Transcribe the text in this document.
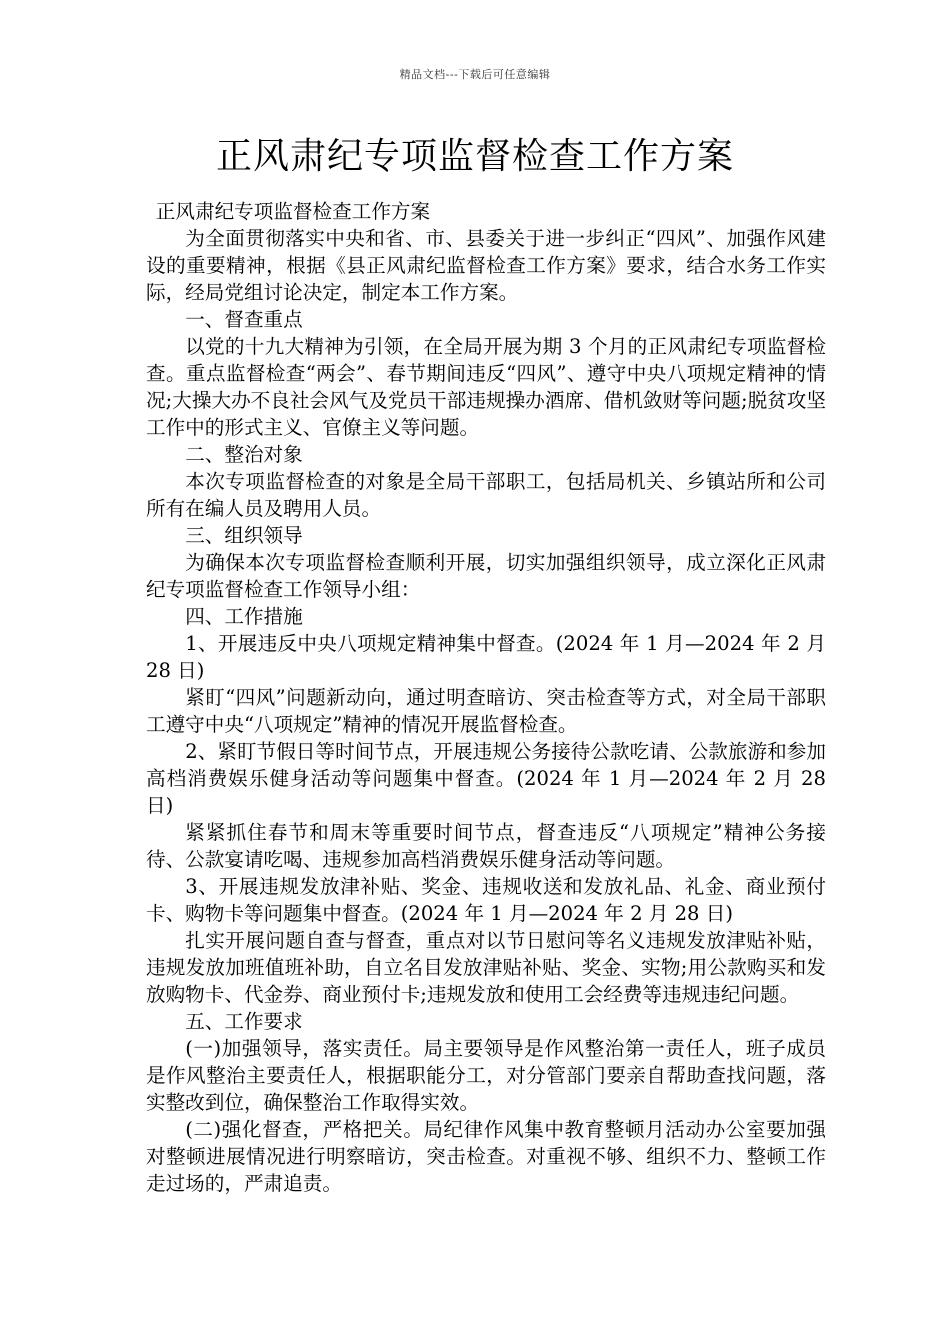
精品文档---下载后可任意编辑
正风肃纪专项监督检查工作方案

正风肃纪专项监督检查工作方案

为全面贯彻落实中央和省、市、县委关于进一步纠正“四风”、加强作风建设的重要精神，根据《县正风肃纪监督检查工作方案》要求，结合水务工作实际，经局党组讨论决定，制定本工作方案。

一、督查重点

以党的十九大精神为引领，在全局开展为期 3 个月的正风肃纪专项监督检查。重点监督检查“两会”、春节期间违反“四风”、遵守中央八项规定精神的情况;大操大办不良社会风气及党员干部违规操办酒席、借机敛财等问题;脱贫攻坚工作中的形式主义、官僚主义等问题。

二、整治对象

本次专项监督检查的对象是全局干部职工，包括局机关、乡镇站所和公司所有在编人员及聘用人员。

三、组织领导

为确保本次专项监督检查顺利开展，切实加强组织领导，成立深化正风肃纪专项监督检查工作领导小组：

四、工作措施

1、开展违反中央八项规定精神集中督查。(2024 年 1 月—2024 年 2 月 28 日)

紧盯“四风”问题新动向，通过明查暗访、突击检查等方式，对全局干部职工遵守中央“八项规定”精神的情况开展监督检查。

2、紧盯节假日等时间节点，开展违规公务接待公款吃请、公款旅游和参加高档消费娱乐健身活动等问题集中督查。(2024 年 1 月—2024 年 2 月 28 日)

紧紧抓住春节和周末等重要时间节点，督查违反“八项规定”精神公务接待、公款宴请吃喝、违规参加高档消费娱乐健身活动等问题。

3、开展违规发放津补贴、奖金、违规收送和发放礼品、礼金、商业预付卡、购物卡等问题集中督查。(2024 年 1 月—2024 年 2 月 28 日)

扎实开展问题自查与督查，重点对以节日慰问等名义违规发放津贴补贴，违规发放加班值班补助，自立名目发放津贴补贴、奖金、实物;用公款购买和发放购物卡、代金券、商业预付卡;违规发放和使用工会经费等违规违纪问题。

五、工作要求

(一)加强领导，落实责任。局主要领导是作风整治第一责任人，班子成员是作风整治主要责任人，根据职能分工，对分管部门要亲自帮助查找问题，落实整改到位，确保整治工作取得实效。

(二)强化督查，严格把关。局纪律作风集中教育整顿月活动办公室要加强对整顿进展情况进行明察暗访，突击检查。对重视不够、组织不力、整顿工作走过场的，严肃追责。
